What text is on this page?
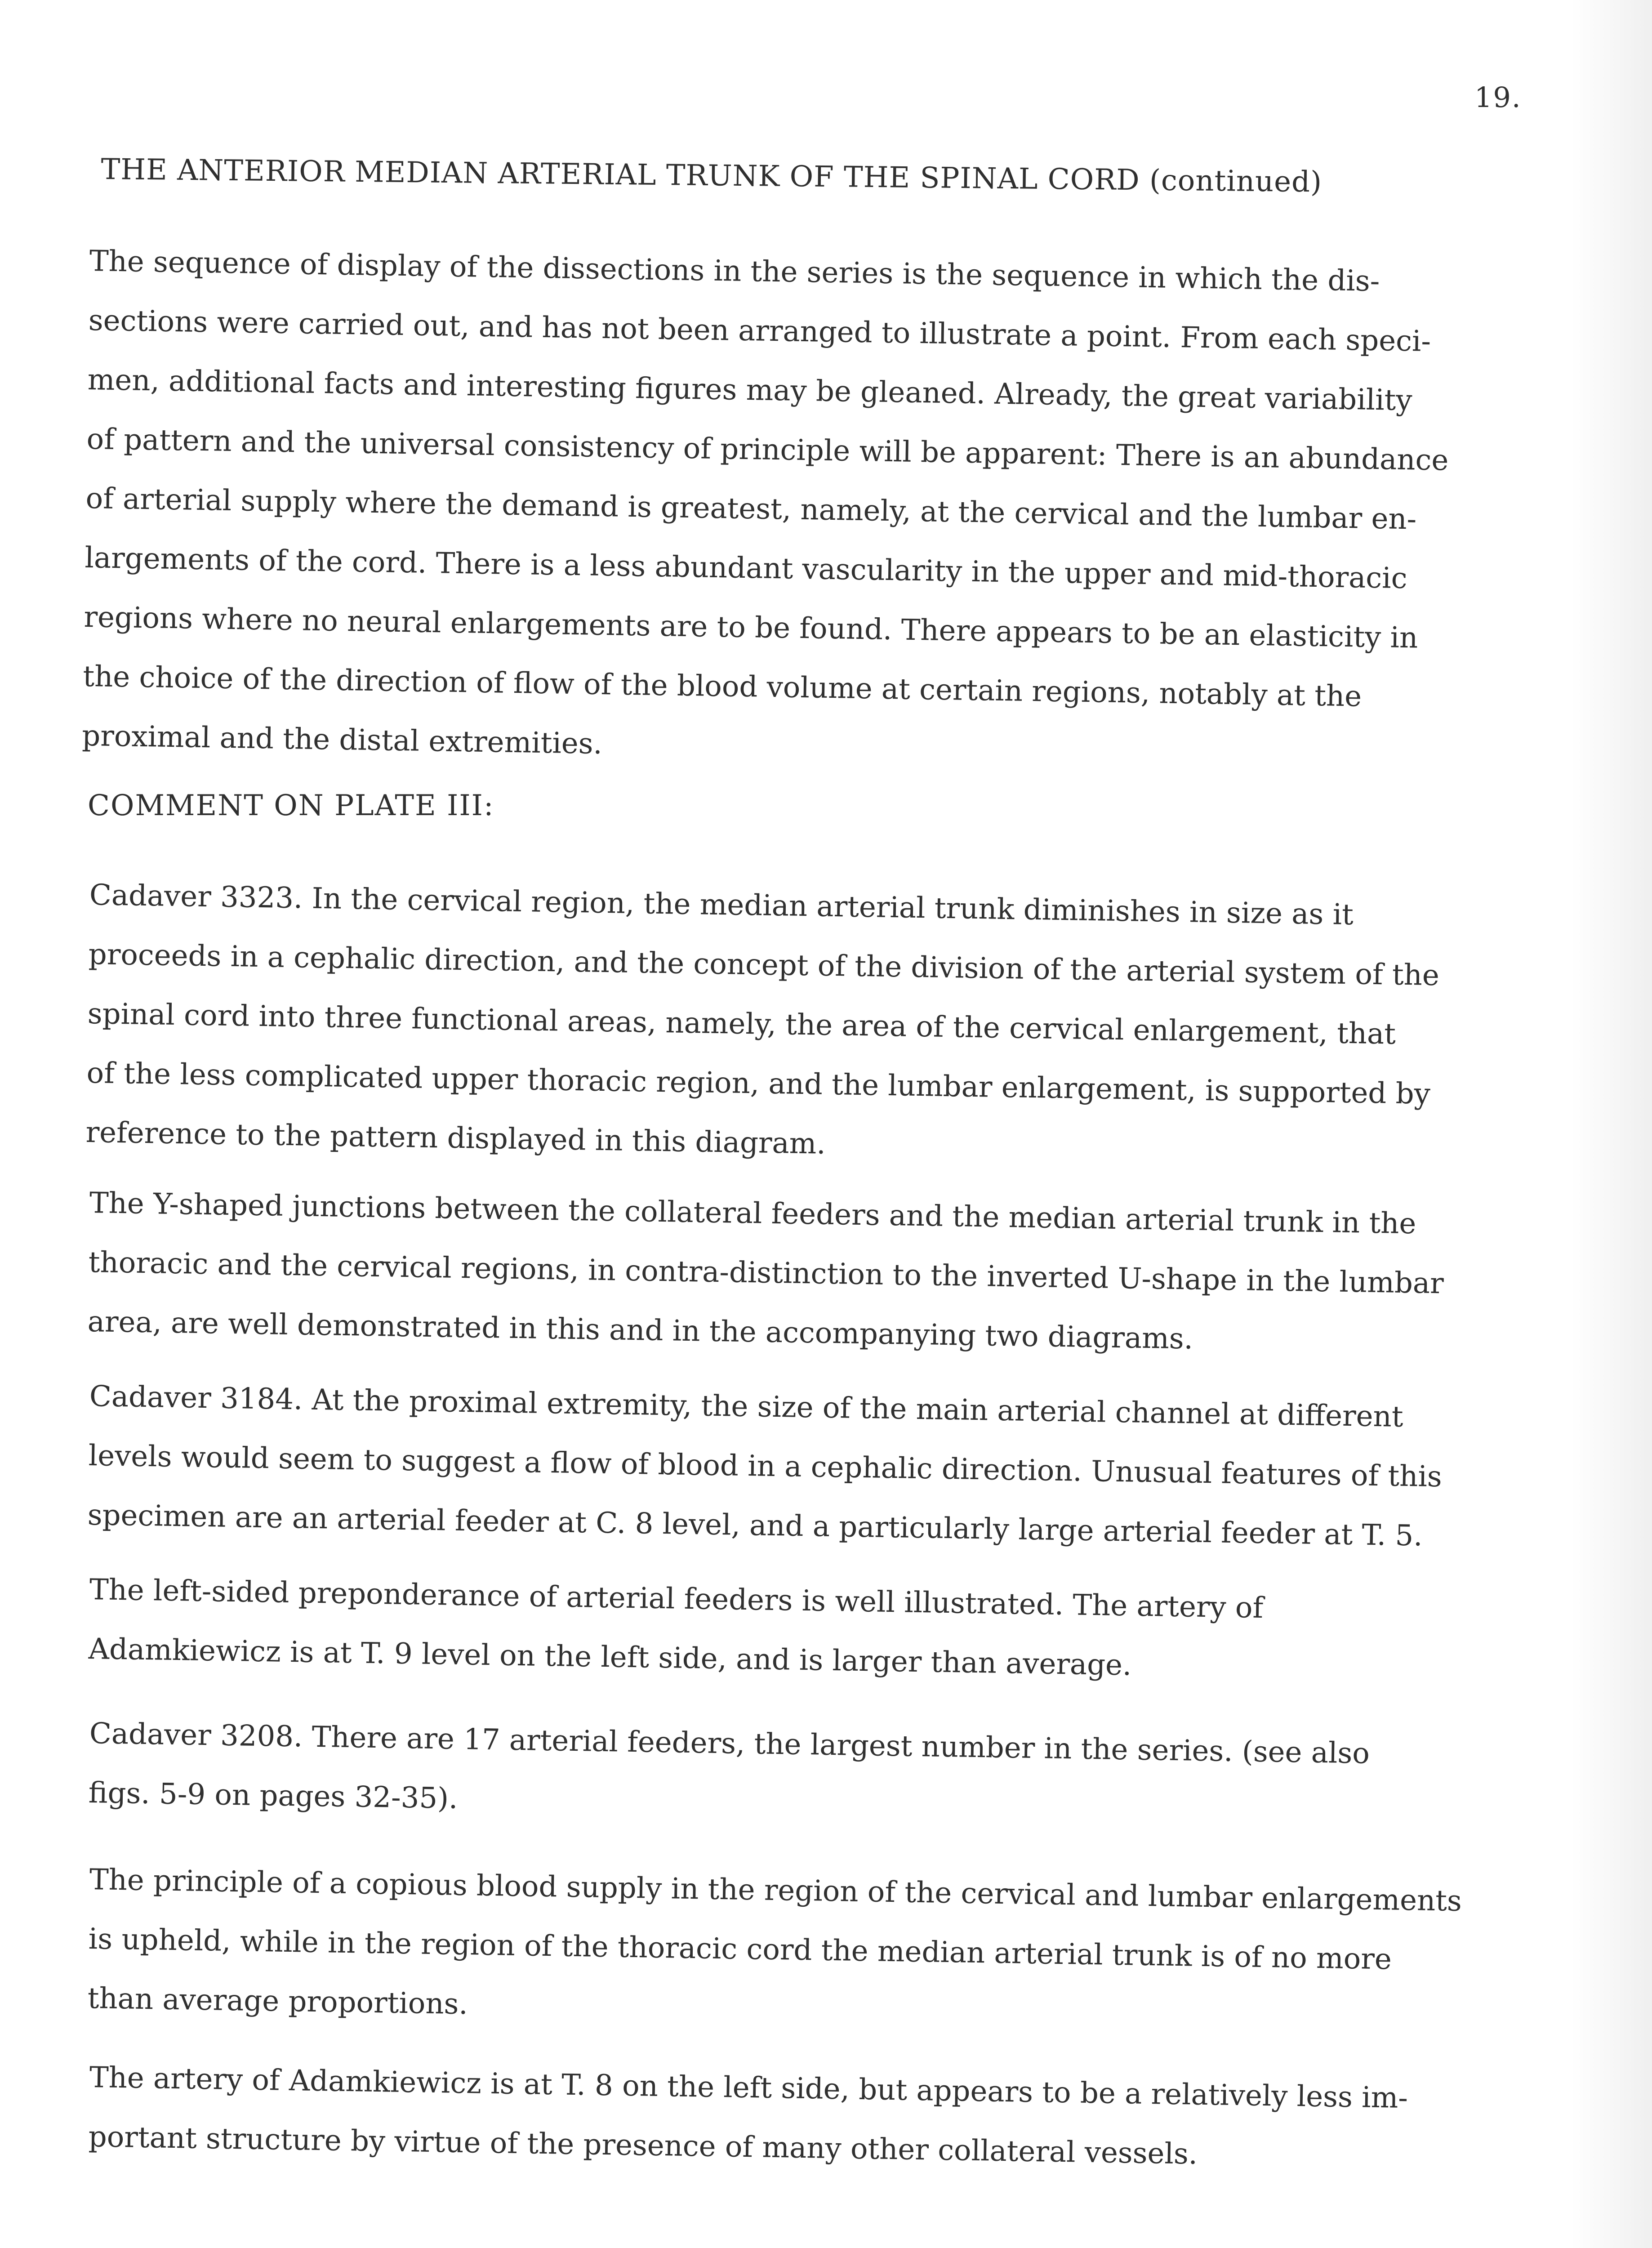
19.
THE ANTERIOR MEDIAN ARTERIAL TRUNK OF THE SPINAL CORD (continued)
The sequence of display of the dissections in the series is the sequence in which the dis-
sections were carried out, and has not been arranged to illustrate a point. From each speci-
men, additional facts and interesting figures may be gleaned. Already, the great variability
of pattern and the universal consistency of principle will be apparent: There is an abundance
of arterial supply where the demand is greatest, namely, at the cervical and the lumbar en-
largements of the cord. There is a less abundant vascularity in the upper and mid-thoracic
regions where no neural enlargements are to be found. There appears to be an elasticity in
the choice of the direction of flow of the blood volume at certain regions, notably at the
proximal and the distal extremities.
COMMENT ON PLATE III:
Cadaver 3323. In the cervical region, the median arterial trunk diminishes in size as it
proceeds in a cephalic direction, and the concept of the division of the arterial system of the
spinal cord into three functional areas, namely, the area of the cervical enlargement, that
of the less complicated upper thoracic region, and the lumbar enlargement, is supported by
reference to the pattern displayed in this diagram.
The Y-shaped junctions between the collateral feeders and the median arterial trunk in the
thoracic and the cervical regions, in contra-distinction to the inverted U-shape in the lumbar
area, are well demonstrated in this and in the accompanying two diagrams.
Cadaver 3184. At the proximal extremity, the size of the main arterial channel at different
levels would seem to suggest a flow of blood in a cephalic direction. Unusual features of this
specimen are an arterial feeder at C. 8 level, and a particularly large arterial feeder at T. 5.
The left-sided preponderance of arterial feeders is well illustrated. The artery of
Adamkiewicz is at T. 9 level on the left side, and is larger than average.
Cadaver 3208. There are 17 arterial feeders, the largest number in the series. (see also
figs. 5-9 on pages 32-35).
The principle of a copious blood supply in the region of the cervical and lumbar enlargements
is upheld, while in the region of the thoracic cord the median arterial trunk is of no more
than average proportions.
The artery of Adamkiewicz is at T. 8 on the left side, but appears to be a relatively less im-
portant structure by virtue of the presence of many other collateral vessels.
